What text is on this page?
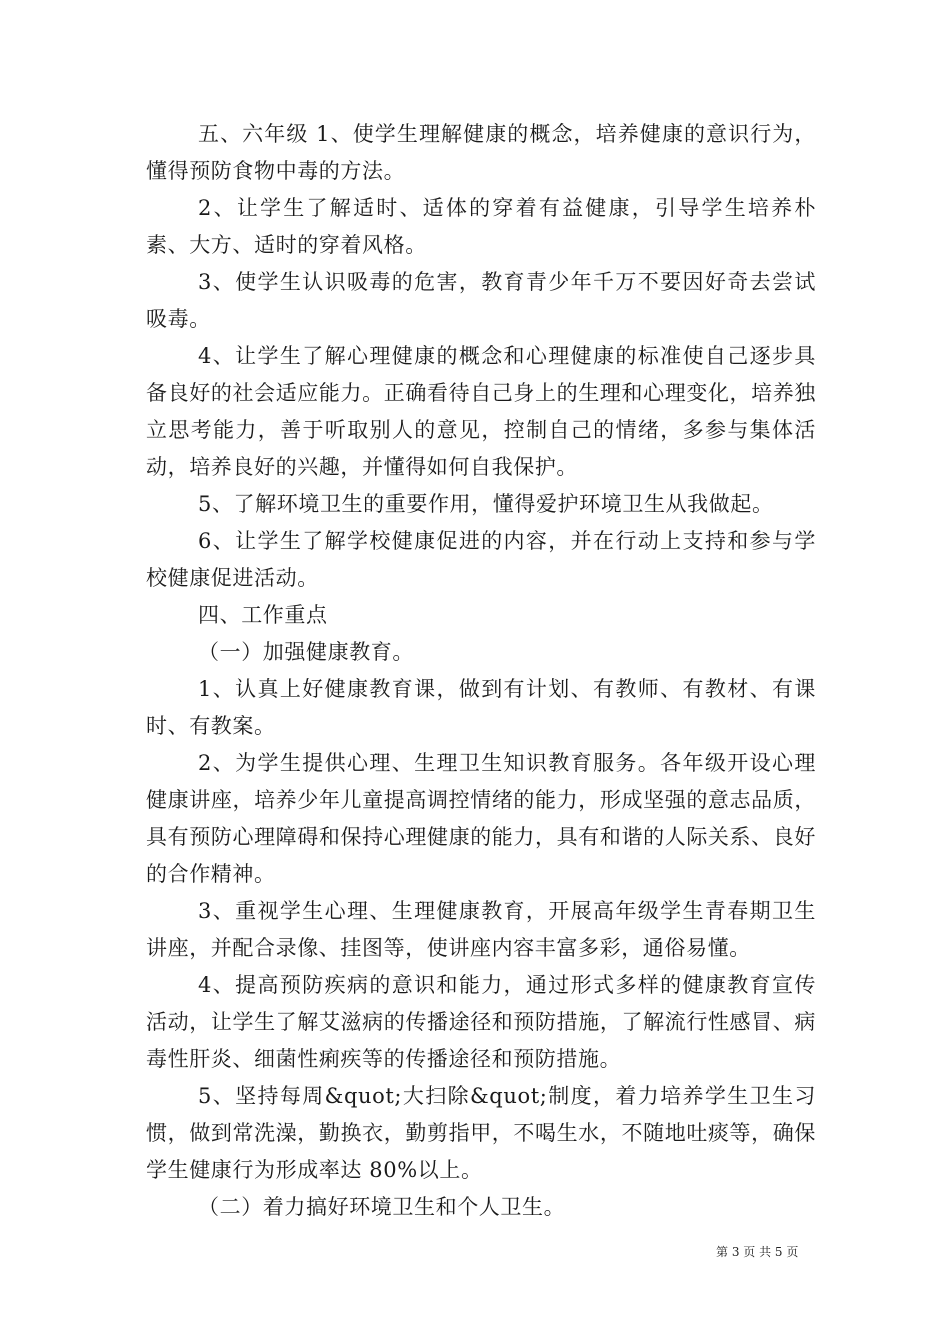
五、六年级 1、使学生理解健康的概念，培养健康的意识行为，懂得预防食物中毒的方法。

2、让学生了解适时、适体的穿着有益健康，引导学生培养朴素、大方、适时的穿着风格。

3、使学生认识吸毒的危害，教育青少年千万不要因好奇去尝试吸毒。

4、让学生了解心理健康的概念和心理健康的标准使自己逐步具备良好的社会适应能力。正确看待自己身上的生理和心理变化，培养独立思考能力，善于听取别人的意见，控制自己的情绪，多参与集体活动，培养良好的兴趣，并懂得如何自我保护。

5、了解环境卫生的重要作用，懂得爱护环境卫生从我做起。

6、让学生了解学校健康促进的内容，并在行动上支持和参与学校健康促进活动。

四、工作重点

（一）加强健康教育。

1、认真上好健康教育课，做到有计划、有教师、有教材、有课时、有教案。

2、为学生提供心理、生理卫生知识教育服务。各年级开设心理健康讲座，培养少年儿童提高调控情绪的能力，形成坚强的意志品质，具有预防心理障碍和保持心理健康的能力，具有和谐的人际关系、良好的合作精神。

3、重视学生心理、生理健康教育，开展高年级学生青春期卫生讲座，并配合录像、挂图等，使讲座内容丰富多彩，通俗易懂。

4、提高预防疾病的意识和能力，通过形式多样的健康教育宣传活动，让学生了解艾滋病的传播途径和预防措施，了解流行性感冒、病毒性肝炎、细菌性痢疾等的传播途径和预防措施。

5、坚持每周&quot;大扫除&quot;制度，着力培养学生卫生习惯，做到常洗澡，勤换衣，勤剪指甲，不喝生水，不随地吐痰等，确保学生健康行为形成率达 80%以上。

（二）着力搞好环境卫生和个人卫生。

第 3 页 共 5 页
